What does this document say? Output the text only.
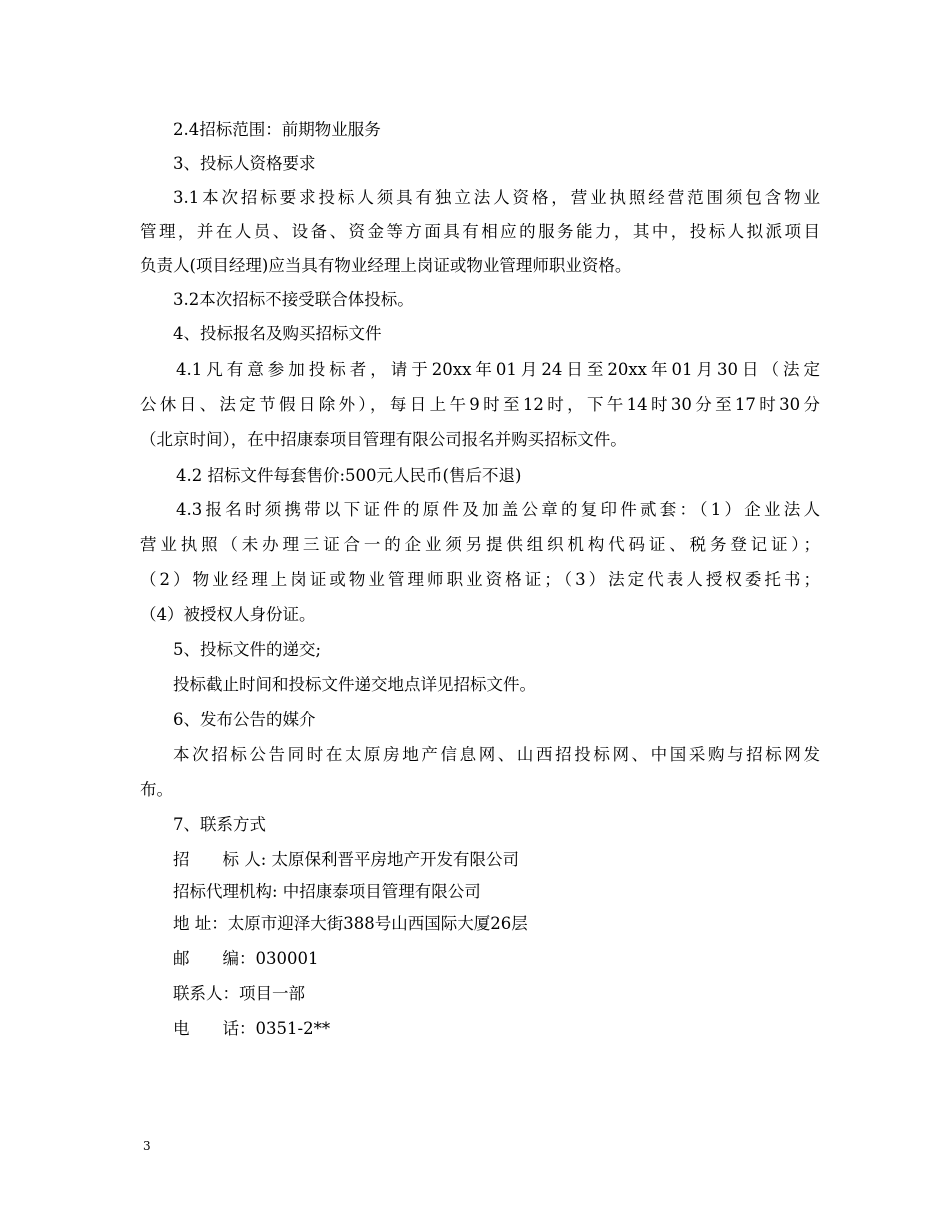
2.4招标范围：前期物业服务
3、投标人资格要求
3.1本次招标要求投标人须具有独立法人资格，营业执照经营范围须包含物业
管理，并在人员、设备、资金等方面具有相应的服务能力，其中，投标人拟派项目
负责人(项目经理)应当具有物业经理上岗证或物业管理师职业资格。
3.2本次招标不接受联合体投标。
4、投标报名及购买招标文件
4.1凡有意参加投标者，请于20xx年01月24日至20xx年01月30日（法定
公休日、法定节假日除外），每日上午9时至12时，下午14时30分至17时30分
（北京时间），在中招康泰项目管理有限公司报名并购买招标文件。
4.2 招标文件每套售价:500元人民币(售后不退)
4.3报名时须携带以下证件的原件及加盖公章的复印件贰套：（1）企业法人
营业执照（未办理三证合一的企业须另提供组织机构代码证、税务登记证）；
（2）物业经理上岗证或物业管理师职业资格证；（3）法定代表人授权委托书；
（4）被授权人身份证。
5、投标文件的递交;
投标截止时间和投标文件递交地点详见招标文件。
6、发布公告的媒介
本次招标公告同时在太原房地产信息网、山西招投标网、中国采购与招标网发
布。
7、联系方式
招　　标 人: 太原保利晋平房地产开发有限公司
招标代理机构: 中招康泰项目管理有限公司
地 址：太原市迎泽大街388号山西国际大厦26层
邮　　编：030001
联系人：项目一部
电　　话：0351-2**
3
